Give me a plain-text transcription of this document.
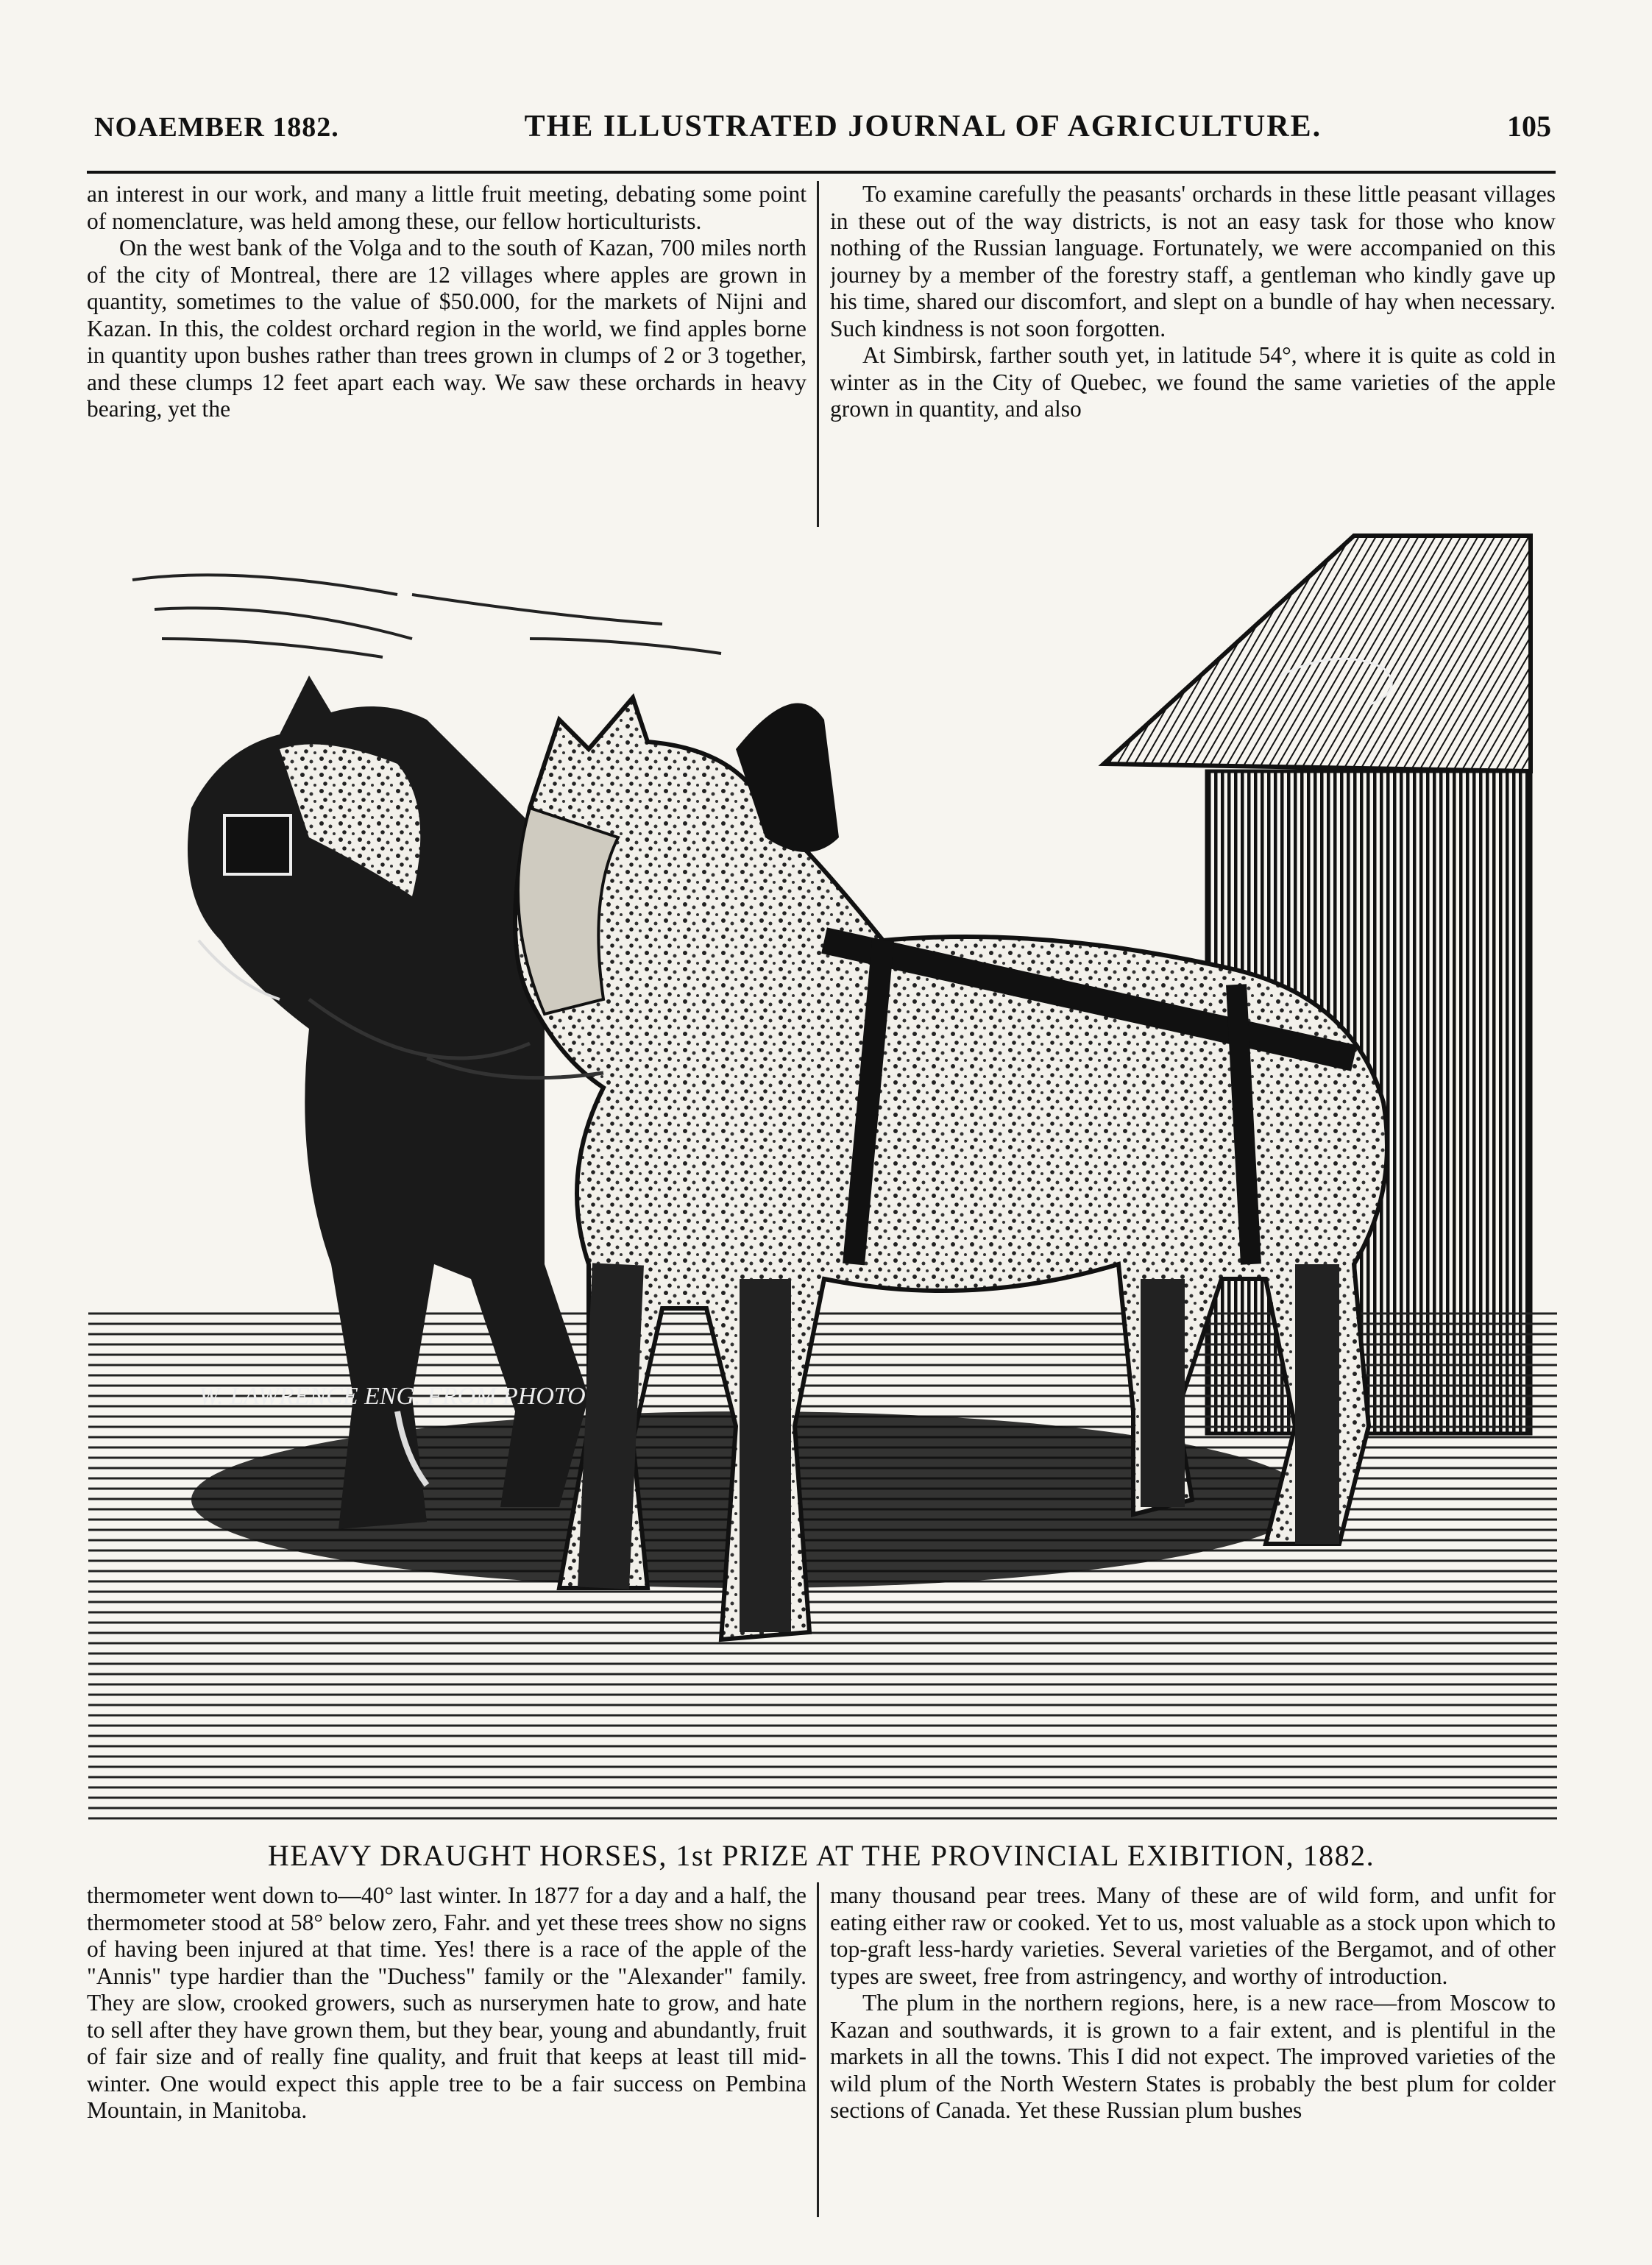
NOAEMBER 1882.	THE ILLUSTRATED JOURNAL OF AGRICULTURE.	105

an interest in our work, and many a little fruit meeting, debating some point of nomenclature, was held among these, our fellow horticulturists.

On the west bank of the Volga and to the south of Kazan, 700 miles north of the city of Montreal, there are 12 villages where apples are grown in quantity, sometimes to the value of $50.000, for the markets of Nijni and Kazan. In this, the coldest orchard region in the world, we find apples borne in quantity upon bushes rather than trees grown in clumps of 2 or 3 together, and these clumps 12 feet apart each way. We saw these orchards in heavy bearing, yet the

To examine carefully the peasants' orchards in these little peasant villages in these out of the way districts, is not an easy task for those who know nothing of the Russian language. Fortunately, we were accompanied on this journey by a member of the forestry staff, a gentleman who kindly gave up his time, shared our discomfort, and slept on a bundle of hay when necessary. Such kindness is not soon forgotten.

At Simbirsk, farther south yet, in latitude 54°, where it is quite as cold in winter as in the City of Quebec, we found the same varieties of the apple grown in quantity, and also

W. LAWRENCE ENG. FROM PHOTO
HEAVY DRAUGHT HORSES, 1st PRIZE AT THE PROVINCIAL EXIBITION, 1882.

thermometer went down to—40° last winter. In 1877 for a day and a half, the thermometer stood at 58° below zero, Fahr. and yet these trees show no signs of having been injured at that time. Yes! there is a race of the apple of the "Annis" type hardier than the "Duchess" family or the "Alexander" family. They are slow, crooked growers, such as nurserymen hate to grow, and hate to sell after they have grown them, but they bear, young and abundantly, fruit of fair size and of really fine quality, and fruit that keeps at least till mid-winter. One would expect this apple tree to be a fair success on Pembina Mountain, in Manitoba.

many thousand pear trees. Many of these are of wild form, and unfit for eating either raw or cooked. Yet to us, most valuable as a stock upon which to top-graft less-hardy varieties. Several varieties of the Bergamot, and of other types are sweet, free from astringency, and worthy of introduction.

The plum in the northern regions, here, is a new race—from Moscow to Kazan and southwards, it is grown to a fair extent, and is plentiful in the markets in all the towns. This I did not expect. The improved varieties of the wild plum of the North Western States is probably the best plum for colder sections of Canada. Yet these Russian plum bushes
